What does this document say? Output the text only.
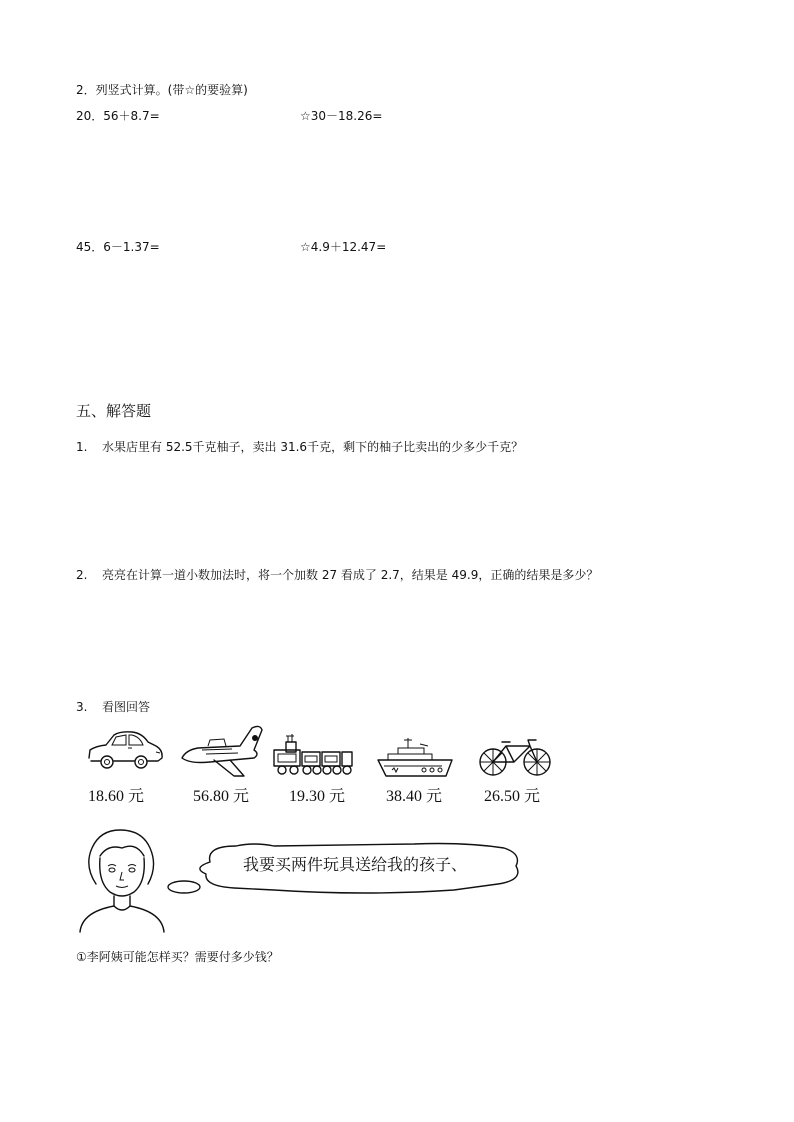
2．列竖式计算。(带☆的要验算)
20．56＋8.7=	☆30－18.26=
45．6－1.37=	☆4.9＋12.47=
五、解答题
1. 水果店里有 52.5千克柚子，卖出 31.6千克，剩下的柚子比卖出的少多少千克？
2. 亮亮在计算一道小数加法时，将一个加数 27 看成了 2.7，结果是 49.9，正确的结果是多少？
3. 看图回答
18.60 元	56.80 元 19.30 元	38.40 元	26.50 元
我要买两件玩具送给我的孩子、
①李阿姨可能怎样买？需要付多少钱？
